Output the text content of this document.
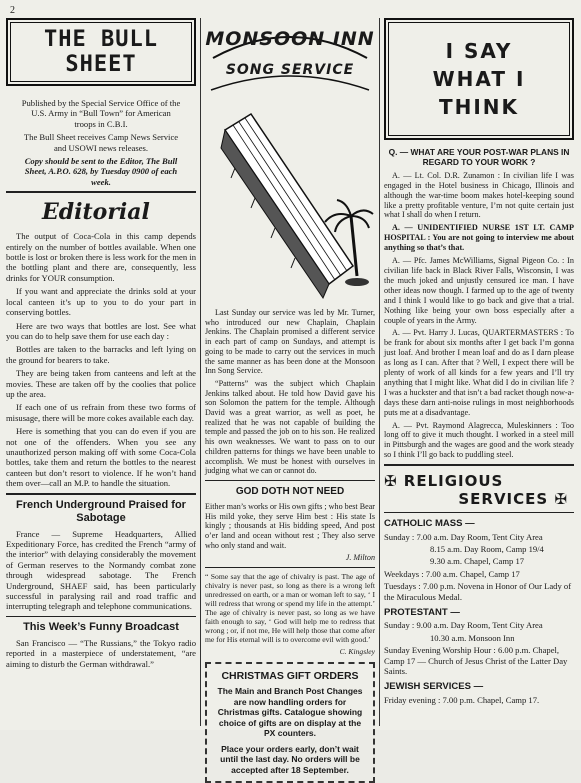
2
THE BULL SHEET

Published by the Special Service Office of the U.S. Army in “Bull Town” for American troops in C.B.I.

The Bull Sheet receives Camp News Service and USOWI news releases.

Copy should be sent to the Editor, The Bull Sheet, A.P.O. 628, by Tuesday 0900 of each week.

Editorial

The output of Coca-Cola in this camp depends entirely on the number of bottles available. When one bottle is lost or broken there is less work for the men in the bottling plant and there are, consequently, less drinks for YOUR consumption.

If you want and appreciate the drinks sold at your local canteen it’s up to you to do your part in conserving bottles.

Here are two ways that bottles are lost. See what you can do to help save them for use each day :

Bottles are taken to the barracks and left lying on the ground for bearers to take.

They are being taken from canteens and left at the movies. These are taken off by the coolies that police up the area.

If each one of us refrain from these two forms of misusage, there will be more cokes available each day.

Here is something that you can do even if you are not one of the offenders. When you see any unauthorized person making off with some Coca-Cola bottles, take them and return the bottles to the nearest canteen but don’t resort to violence. If he won’t hand them over—call an M.P. to handle the situation.

French Underground Praised for Sabotage

France — Supreme Headquarters, Allied Expeditionary Force, has credited the French “army of the interior” with delaying considerably the movement of German reserves to the Normandy combat zone through widespread sabotage. The French Underground, SHAEF said, has been particularly successful in paralysing rail and road traffic and interrupting telegraph and telephone communications.

This Week’s Funny Broadcast

San Francisco — “The Russians,” the Tokyo radio reported in a masterpiece of understatement, “are aiming to disturb the German withdrawal.”

MONSOON INN
SONG SERVICE

Last Sunday our service was led by Mr. Turner, who introduced our new Chaplain, Chaplain Jenkins. The Chaplain promised a different service in each part of camp on Sundays, and attempt is going to be made to carry out the services in much the same manner as has been done at the Monsoon Inn Song Service.

“Patterns” was the subject which Chaplain Jenkins talked about. He told how David gave his son Solomon the pattern for the temple. Although David was a great warrior, as well as poet, he realized that he was not capable of building the temple and passed the job on to his son. He realized his own weaknesses. We want to pass on to our children patterns for things we have been unable to accomplish. We must be honest with ourselves in judging what we can or cannot do.

GOD DOTH NOT NEED

Either man’s works or His own gifts ; who best Bear His mild yoke, they serve Him best : His state Is kingly ; thousands at His bidding speed, And post o’er land and ocean without rest ; They also serve who only stand and wait.

J. Milton

“ Some say that the age of chivalry is past. The age of chivalry is never past, so long as there is a wrong left unredressed on earth, or a man or woman left to say, ‘ I will redress that wrong or spend my life in the attempt.’ The age of chivalry is never past, so long as we have faith enough to say, ‘ God will help me to redress that wrong ; or, if not me, He will help those that come after me for His eternal will is to overcome evil with good.’

C. Kingsley

CHRISTMAS GIFT ORDERS
The Main and Branch Post Changes are now handling orders for Christmas gifts. Catalogue showing choice of gifts are on display at the PX counters.
Place your orders early, don’t wait until the last day. No orders will be accepted after 18 September.
I SAY
WHAT I THINK

Q. — WHAT ARE YOUR POST-WAR PLANS IN REGARD TO YOUR WORK ?

A. — Lt. Col. D.R. Zunamon : In civilian life I was engaged in the Hotel business in Chicago, Illinois and although the war-time boom makes hotel-keeping sound like a pretty profitable venture, I’m not quite certain just what I shall do when I return.

A. — UNIDENTIFIED NURSE 1ST LT. CAMP HOSPITAL : You are not going to interview me about anything so that’s that.

A. — Pfc. James McWilliams, Signal Pigeon Co. : In civilian life back in Black River Falls, Wisconsin, I was the much joked and unjustly censured ice man. I have other ideas now though. I farmed up to the age of twenty and I think I would like to go back and give that a trial. Nothing like being your own boss especially after a couple of years in the Army.

A. — Pvt. Harry J. Lucas, QUARTERMASTERS : To be frank for about six months after I get back I’m gonna just loaf. And brother I mean loaf and do as I darn please as long as I can. After that ? Well, I expect there will be plenty of work of all kinds for a few years and I’ll try anything that I might like. What did I do in civilian life ? I was a huckster and that isn’t a bad racket though now-a-days these darn anti-noise rulings in most neighborhoods puts me at a disadvantage.

A. — Pvt. Raymond Alagrecca, Muleskinners : Too long off to give it much thought. I worked in a steel mill in Pittsburgh and the wages are good and the work steady so I think I’ll go back to puddling steel.

✠ RELIGIOUS
SERVICES ✠
CATHOLIC MASS —
Sunday : 7.00 a.m. Day Room, Tent City Area
8.15 a.m. Day Room, Camp 19/4
9.30 a.m. Chapel, Camp 17
Weekdays : 7.00 a.m. Chapel, Camp 17
Tuesdays : 7.00 p.m. Novena in Honor of Our Lady of the Miraculous Medal.
PROTESTANT —
Sunday : 9.00 a.m. Day Room, Tent City Area
10.30 a.m. Monsoon Inn
Sunday Evening Worship Hour : 6.00 p.m. Chapel, Camp 17 — Church of Jesus Christ of the Latter Day Saints.
JEWISH SERVICES —
Friday evening : 7.00 p.m. Chapel, Camp 17.
